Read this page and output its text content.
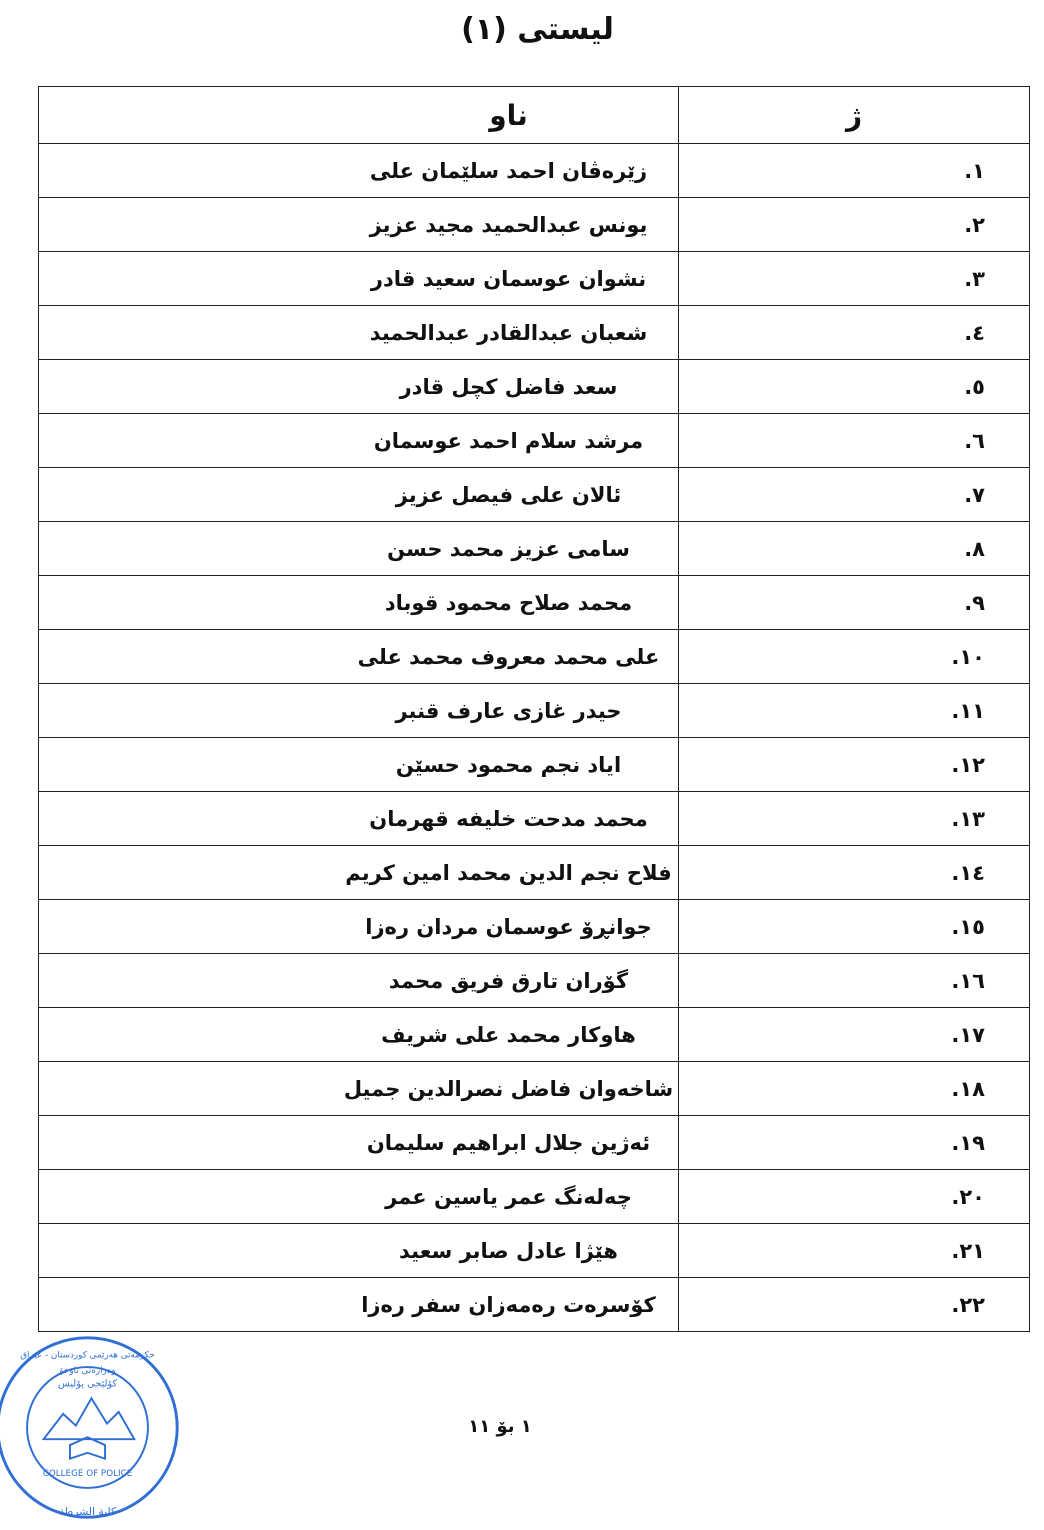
لیستی (١)
ژ	ناو
١.	زێرەڤان احمد سلێمان علی
٢.	یونس عبدالحمید مجید عزیز
٣.	نشوان عوسمان سعید قادر
٤.	شعبان عبدالقادر عبدالحمید
٥.	سعد فاضل کچل قادر
٦.	مرشد سلام احمد عوسمان
٧.	ئالان علی فیصل عزیز
٨.	سامی عزیز محمد حسن
٩.	محمد صلاح محمود قوباد
١٠.	علی محمد معروف محمد علی
١١.	حیدر غازی عارف قنبر
١٢.	ایاد نجم محمود حسێن
١٣.	محمد مدحت خلیفه قهرمان
١٤.	فلاح نجم الدین محمد امین کریم
١٥.	جوانڕۆ عوسمان مردان رەزا
١٦.	گۆران تارق فریق محمد
١٧.	هاوکار محمد علی شریف
١٨.	شاخەوان فاضل نصرالدین جمیل
١٩.	ئەژین جلال ابراهیم سلیمان
٢٠.	چەلەنگ عمر یاسین عمر
٢١.	هێژا عادل صابر سعید
٢٢.	کۆسرەت رەمەزان سفر رەزا
١ بۆ ١١
كلية الشرطة
COLLEGE OF POLICE
کۆلێجی پۆلیس
حکومەتی هەرێمی کوردستان - عێراق
وەزارەتی ناوخۆ
